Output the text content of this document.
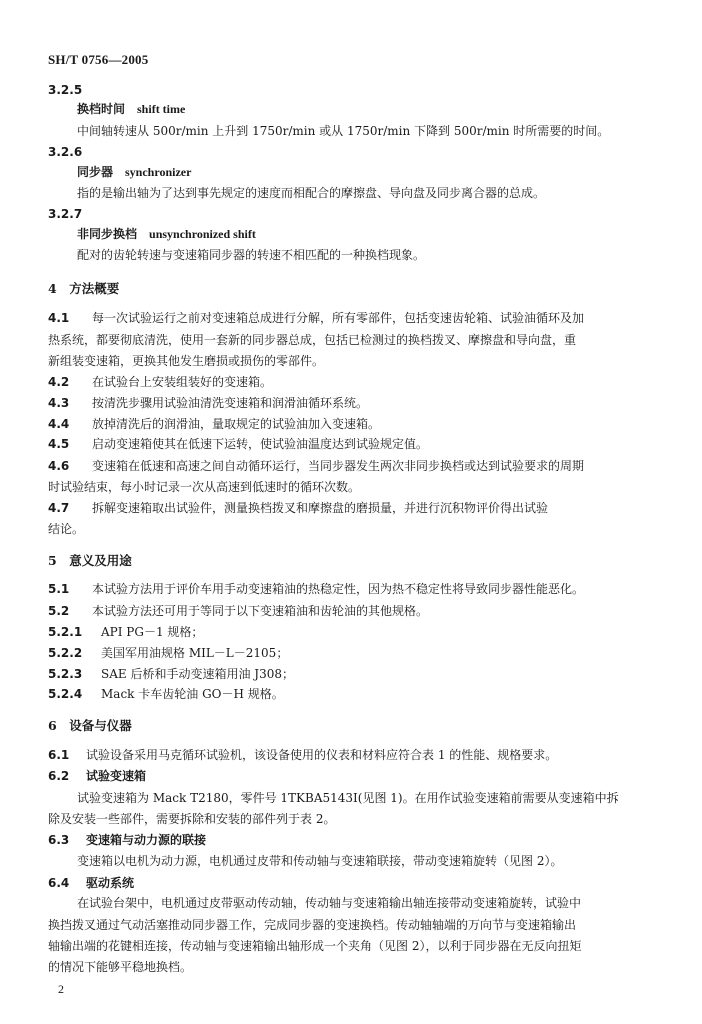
SH/T 0756—2005
3.2.5
换档时间 shift time
中间轴转速从 500r/min 上升到 1750r/min 或从 1750r/min 下降到 500r/min 时所需要的时间。
3.2.6
同步器 synchronizer
指的是输出轴为了达到事先规定的速度而相配合的摩擦盘、导向盘及同步离合器的总成。
3.2.7
非同步换档 unsynchronized shift
配对的齿轮转速与变速箱同步器的转速不相匹配的一种换档现象。
4　方法概要
4.1 每一次试验运行之前对变速箱总成进行分解，所有零部件，包括变速齿轮箱、试验油循环及加
热系统，都要彻底清洗，使用一套新的同步器总成，包括已检测过的换档拨叉、摩擦盘和导向盘，重
新组装变速箱，更换其他发生磨损或损伤的零部件。
4.2 在试验台上安装组装好的变速箱。
4.3 按清洗步骤用试验油清洗变速箱和润滑油循环系统。
4.4 放掉清洗后的润滑油，量取规定的试验油加入变速箱。
4.5 启动变速箱使其在低速下运转，使试验油温度达到试验规定值。
4.6 变速箱在低速和高速之间自动循环运行，当同步器发生两次非同步换档或达到试验要求的周期
时试验结束，每小时记录一次从高速到低速时的循环次数。
4.7 拆解变速箱取出试验件，测量换档拨叉和摩擦盘的磨损量，并进行沉积物评价得出试验
结论。
5　意义及用途
5.1 本试验方法用于评价车用手动变速箱油的热稳定性，因为热不稳定性将导致同步器性能恶化。
5.2 本试验方法还可用于等同于以下变速箱油和齿轮油的其他规格。
5.2.1 API PG－1 规格；
5.2.2 美国军用油规格 MIL－L－2105；
5.2.3 SAE 后桥和手动变速箱用油 J308；
5.2.4 Mack 卡车齿轮油 GO－H 规格。
6　设备与仪器
6.1 试验设备采用马克循环试验机，该设备使用的仪表和材料应符合表 1 的性能、规格要求。
6.2 试验变速箱
试验变速箱为 Mack T2180，零件号 1TKBA5143I(见图 1)。在用作试验变速箱前需要从变速箱中拆
除及安装一些部件，需要拆除和安装的部件列于表 2。
6.3 变速箱与动力源的联接
变速箱以电机为动力源，电机通过皮带和传动轴与变速箱联接，带动变速箱旋转（见图 2）。
6.4 驱动系统
在试验台架中，电机通过皮带驱动传动轴，传动轴与变速箱输出轴连接带动变速箱旋转，试验中
换挡拨叉通过气动活塞推动同步器工作，完成同步器的变速换档。传动轴轴端的万向节与变速箱输出
轴输出端的花键相连接，传动轴与变速箱输出轴形成一个夹角（见图 2），以利于同步器在无反向扭矩
的情况下能够平稳地换档。
2
